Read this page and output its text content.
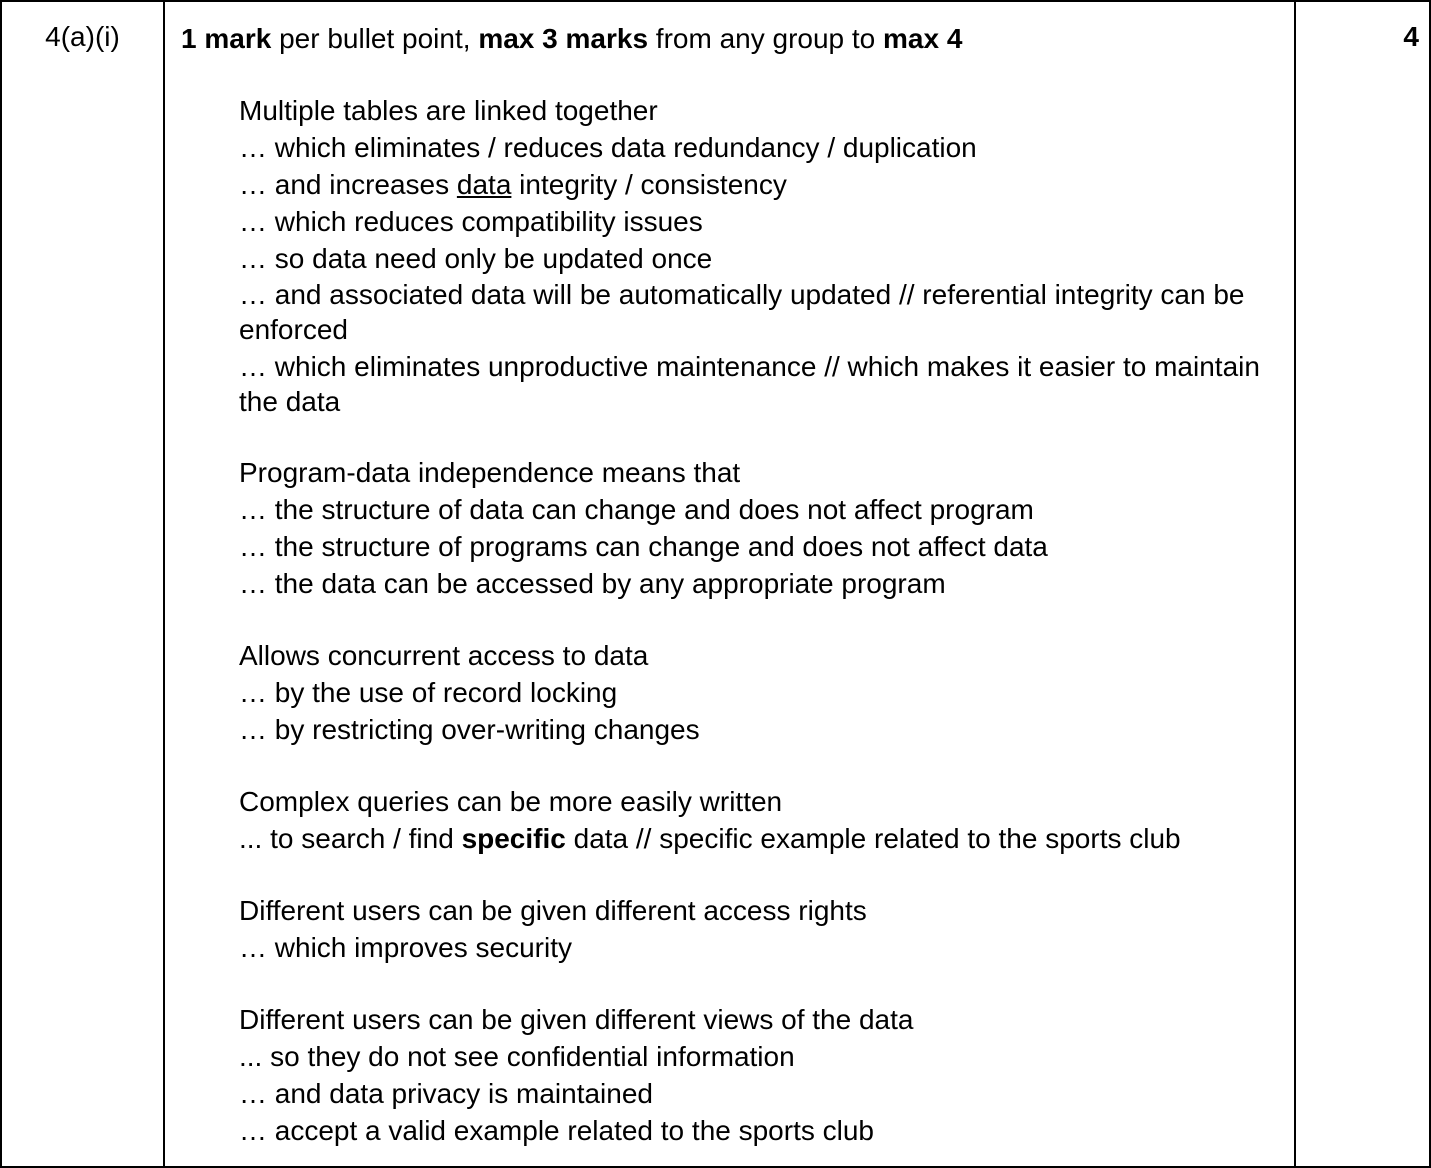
4(a)(i)	1 mark per bullet point, max 3 marks from any group to max 4

Multiple tables are linked together
… which eliminates / reduces data redundancy / duplication
… and increases data integrity / consistency
… which reduces compatibility issues
… so data need only be updated once
… and associated data will be automatically updated // referential integrity can be enforced
… which eliminates unproductive maintenance // which makes it easier to maintain the data
Program-data independence means that
… the structure of data can change and does not affect program
… the structure of programs can change and does not affect data
… the data can be accessed by any appropriate program
Allows concurrent access to data
… by the use of record locking
… by restricting over-writing changes
Complex queries can be more easily written
... to search / find specific data // specific example related to the sports club
Different users can be given different access rights
… which improves security
Different users can be given different views of the data
... so they do not see confidential information
… and data privacy is maintained
… accept a valid example related to the sports club
4
